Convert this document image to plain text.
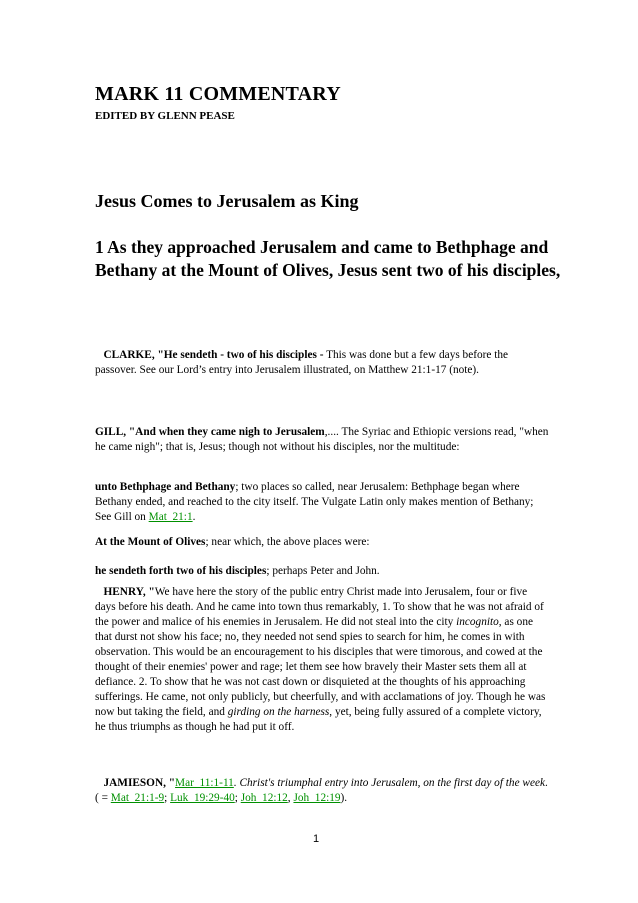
MARK 11 COMMENTARY
EDITED BY GLENN PEASE
Jesus Comes to Jerusalem as King
1 As they approached Jerusalem and came to Bethphage and Bethany at the Mount of Olives, Jesus sent two of his disciples,

CLARKE, "He sendeth - two of his disciples - This was done but a few days before the passover. See our Lord’s entry into Jerusalem illustrated, on Matthew 21:1-17 (note).

GILL, "And when they came nigh to Jerusalem,.... The Syriac and Ethiopic versions read, "when he came nigh"; that is, Jesus; though not without his disciples, nor the multitude:

unto Bethphage and Bethany; two places so called, near Jerusalem: Bethphage began where Bethany ended, and reached to the city itself. The Vulgate Latin only makes mention of Bethany; See Gill on Mat_21:1.

At the Mount of Olives; near which, the above places were:

he sendeth forth two of his disciples; perhaps Peter and John.

HENRY, "We have here the story of the public entry Christ made into Jerusalem, four or five days before his death. And he came into town thus remarkably, 1. To show that he was not afraid of the power and malice of his enemies in Jerusalem. He did not steal into the city incognito, as one that durst not show his face; no, they needed not send spies to search for him, he comes in with observation. This would be an encouragement to his disciples that were timorous, and cowed at the thought of their enemies' power and rage; let them see how bravely their Master sets them all at defiance. 2. To show that he was not cast down or disquieted at the thoughts of his approaching sufferings. He came, not only publicly, but cheerfully, and with acclamations of joy. Though he was now but taking the field, and girding on the harness, yet, being fully assured of a complete victory, he thus triumphs as though he had put it off.

JAMIESON, "Mar_11:1-11. Christ's triumphal entry into Jerusalem, on the first day of the week. ( = Mat_21:1-9; Luk_19:29-40; Joh_12:12, Joh_12:19).

1
